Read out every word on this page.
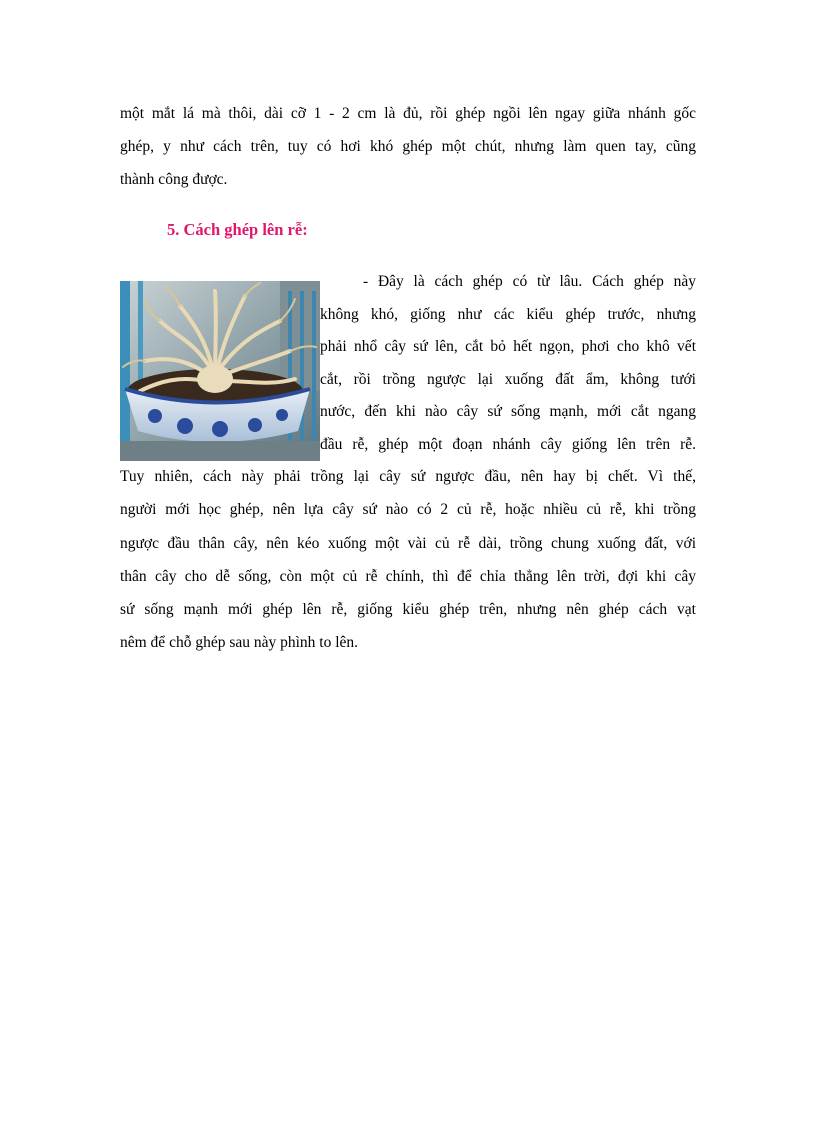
một mắt lá mà thôi, dài cỡ 1 - 2 cm là đủ, rồi ghép ngồi lên ngay giữa nhánh gốc
ghép, y như cách trên, tuy có hơi khó ghép một chút, nhưng làm quen tay, cũng
thành công được.
5. Cách ghép lên rễ:
- Đây là cách ghép có từ lâu. Cách ghép này
không khó, giống như các kiểu ghép trước, nhưng
phải nhổ cây sứ lên, cắt bỏ hết ngọn, phơi cho khô vết
cắt, rồi trồng ngược lại xuống đất ẩm, không tưới
nước, đến khi nào cây sứ sống mạnh, mới cắt ngang
đầu rễ, ghép một đoạn nhánh cây giống lên trên rễ.
Tuy nhiên, cách này phải trồng lại cây sứ ngược đầu, nên hay bị chết. Vì thế,
người mới học ghép, nên lựa cây sứ nào có 2 củ rễ, hoặc nhiều củ rễ, khi trồng
ngược đầu thân cây, nên kéo xuống một vài củ rễ dài, trồng chung xuống đất, với
thân cây cho dễ sống, còn một củ rễ chính, thì để chỉa thẳng lên trời, đợi khi cây
sứ sống mạnh mới ghép lên rễ, giống kiểu ghép trên, nhưng nên ghép cách vạt
nêm để chỗ ghép sau này phình to lên.
